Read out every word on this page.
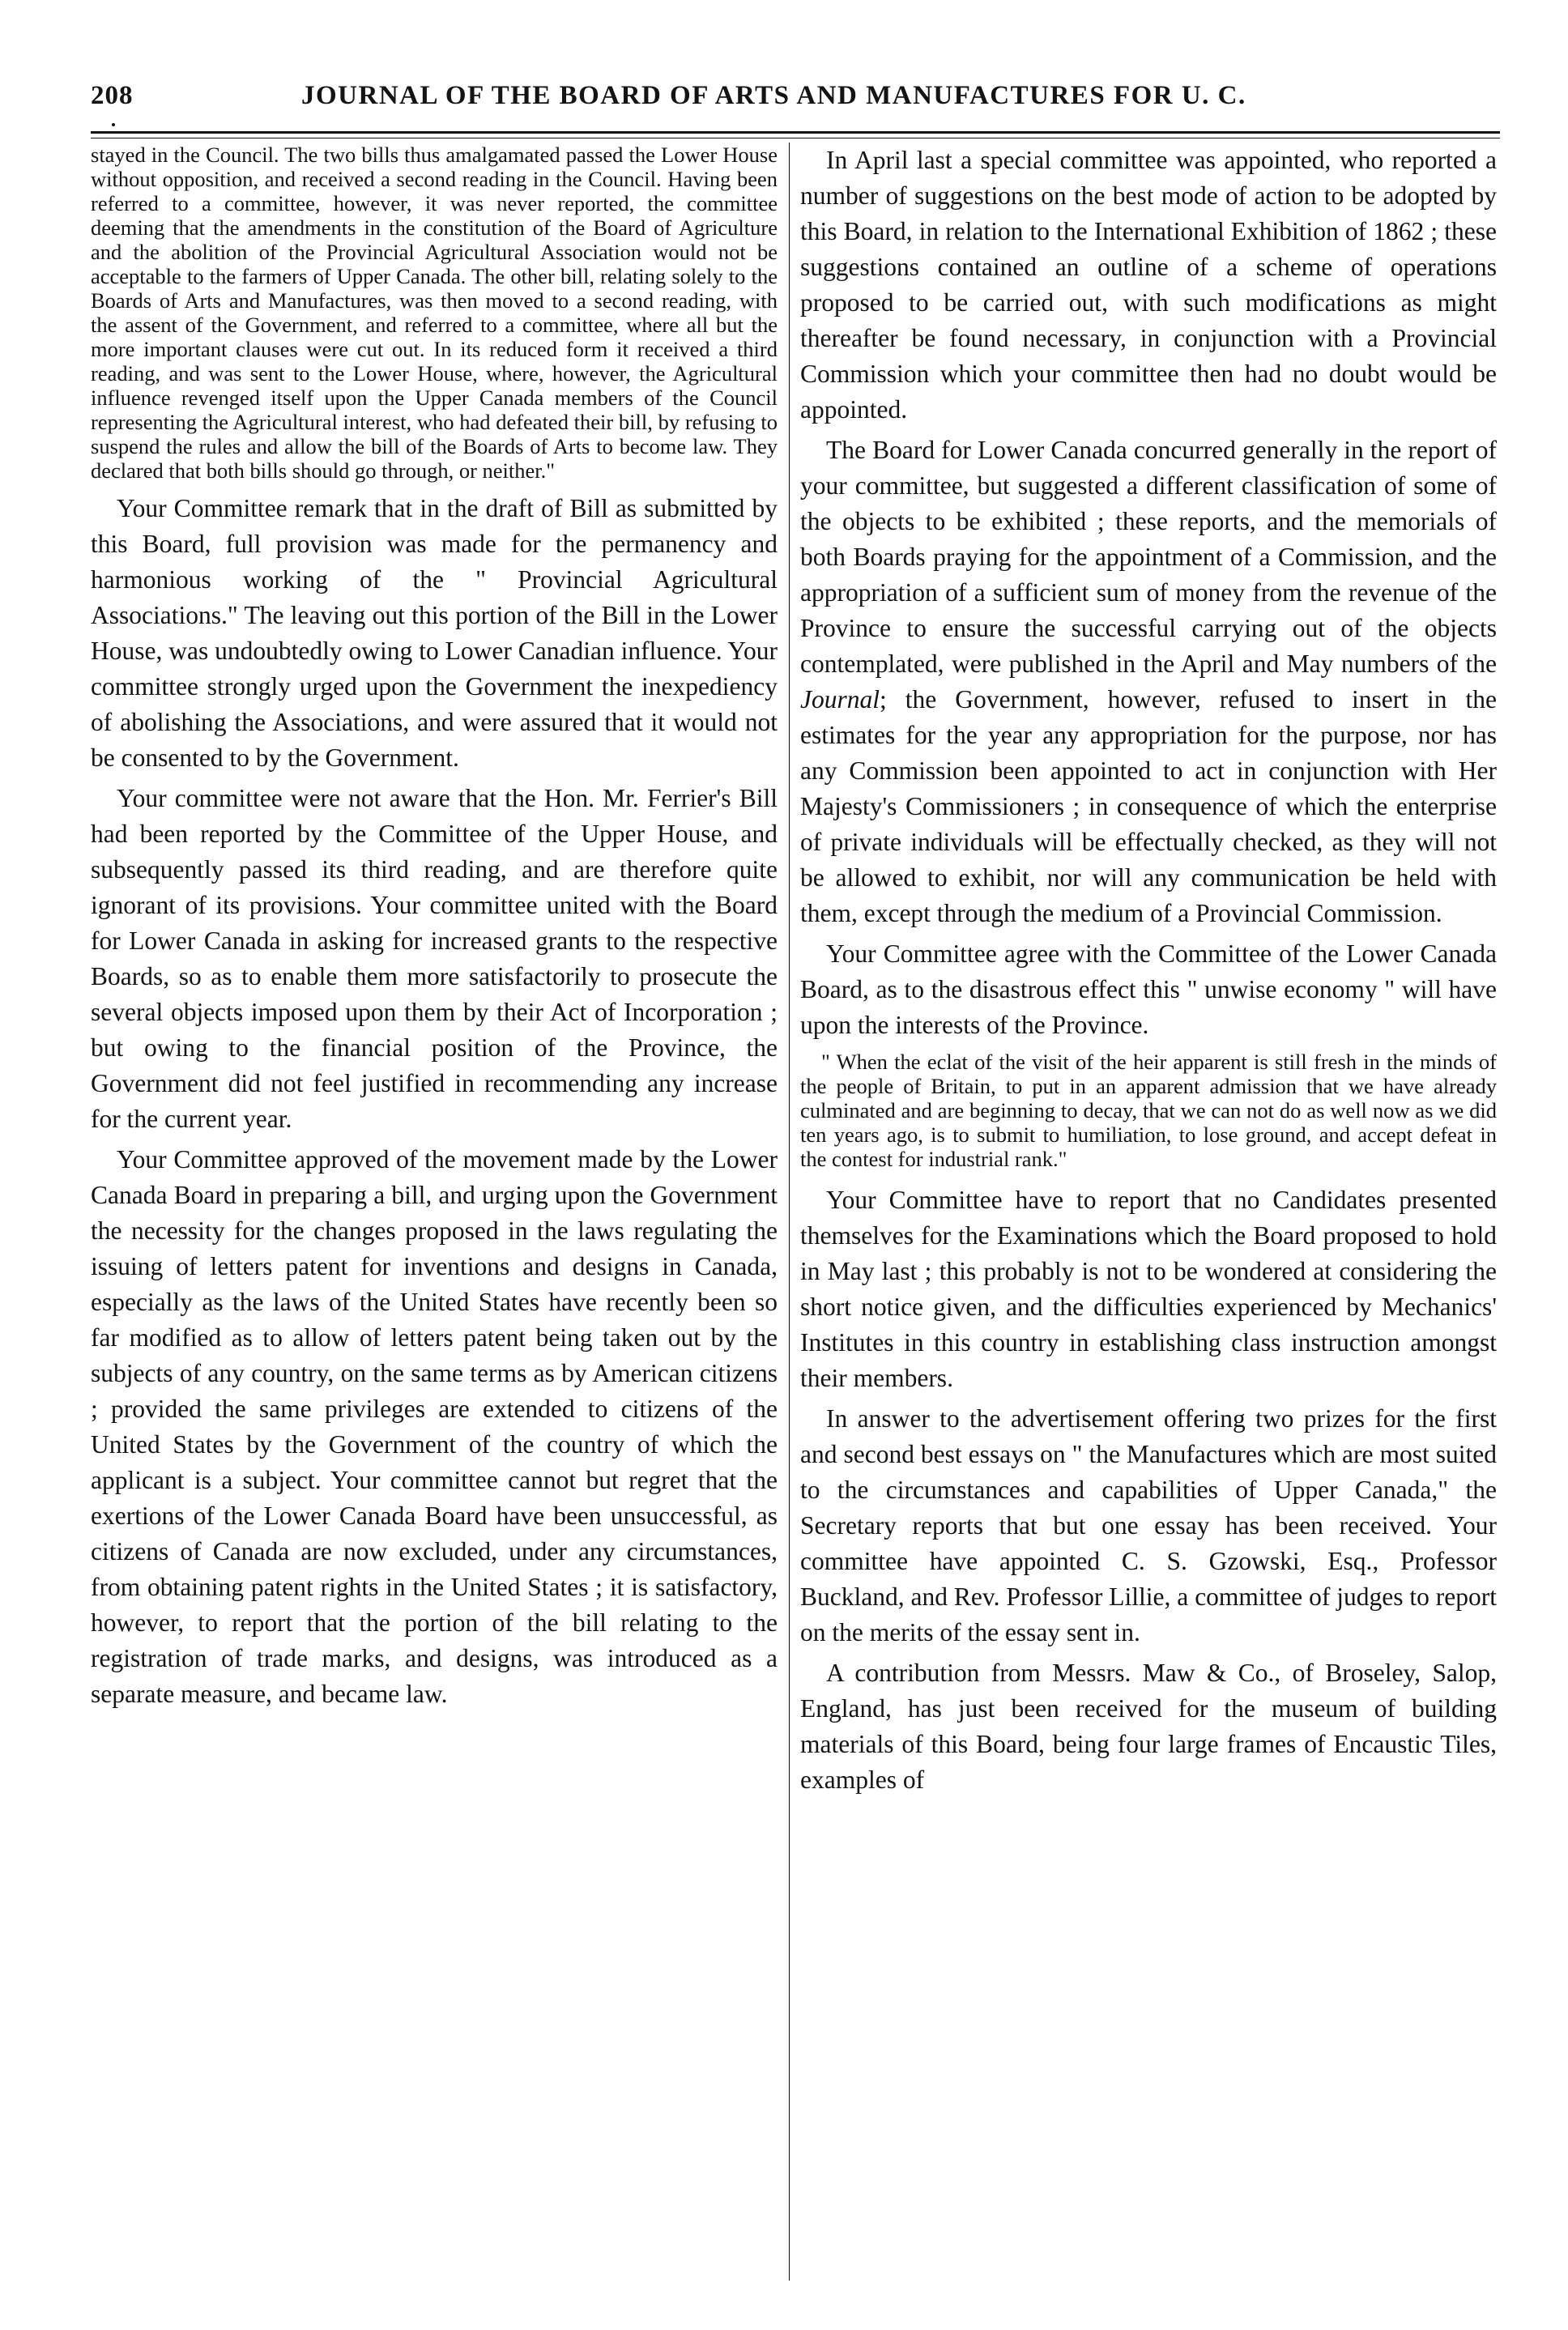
208	JOURNAL OF THE BOARD OF ARTS AND MANUFACTURES FOR U. C.

stayed in the Council. The two bills thus amalgamated passed the Lower House without opposition, and received a second reading in the Council. Having been referred to a committee, however, it was never reported, the committee deeming that the amendments in the constitution of the Board of Agriculture and the abolition of the Provincial Agricultural Association would not be acceptable to the farmers of Upper Canada. The other bill, relating solely to the Boards of Arts and Manufactures, was then moved to a second reading, with the assent of the Government, and referred to a committee, where all but the more important clauses were cut out. In its reduced form it received a third reading, and was sent to the Lower House, where, however, the Agricultural influence revenged itself upon the Upper Canada members of the Council representing the Agricultural interest, who had defeated their bill, by refusing to suspend the rules and allow the bill of the Boards of Arts to become law. They declared that both bills should go through, or neither."

Your Committee remark that in the draft of Bill as submitted by this Board, full provision was made for the permanency and harmonious working of the " Provincial Agricultural Associations." The leaving out this portion of the Bill in the Lower House, was undoubtedly owing to Lower Canadian influence. Your committee strongly urged upon the Government the inexpediency of abolishing the Associations, and were assured that it would not be consented to by the Government.

Your committee were not aware that the Hon. Mr. Ferrier's Bill had been reported by the Committee of the Upper House, and subsequently passed its third reading, and are therefore quite ignorant of its provisions. Your committee united with the Board for Lower Canada in asking for increased grants to the respective Boards, so as to enable them more satisfactorily to prosecute the several objects imposed upon them by their Act of Incorporation ; but owing to the financial position of the Province, the Government did not feel justified in recommending any increase for the current year.

Your Committee approved of the movement made by the Lower Canada Board in preparing a bill, and urging upon the Government the necessity for the changes proposed in the laws regulating the issuing of letters patent for inventions and designs in Canada, especially as the laws of the United States have recently been so far modified as to allow of letters patent being taken out by the subjects of any country, on the same terms as by American citizens ; provided the same privileges are extended to citizens of the United States by the Government of the country of which the applicant is a subject. Your committee cannot but regret that the exertions of the Lower Canada Board have been unsuccessful, as citizens of Canada are now excluded, under any circumstances, from obtaining patent rights in the United States ; it is satisfactory, however, to report that the portion of the bill relating to the registration of trade marks, and designs, was introduced as a separate measure, and became law.

In April last a special committee was appointed, who reported a number of suggestions on the best mode of action to be adopted by this Board, in relation to the International Exhibition of 1862 ; these suggestions contained an outline of a scheme of operations proposed to be carried out, with such modifications as might thereafter be found necessary, in conjunction with a Provincial Commission which your committee then had no doubt would be appointed.

The Board for Lower Canada concurred generally in the report of your committee, but suggested a different classification of some of the objects to be exhibited ; these reports, and the memorials of both Boards praying for the appointment of a Commission, and the appropriation of a sufficient sum of money from the revenue of the Province to ensure the successful carrying out of the objects contemplated, were published in the April and May numbers of the Journal; the Government, however, refused to insert in the estimates for the year any appropriation for the purpose, nor has any Commission been appointed to act in conjunction with Her Majesty's Commissioners ; in consequence of which the enterprise of private individuals will be effectually checked, as they will not be allowed to exhibit, nor will any communication be held with them, except through the medium of a Provincial Commission.

Your Committee agree with the Committee of the Lower Canada Board, as to the disastrous effect this " unwise economy " will have upon the interests of the Province.

" When the eclat of the visit of the heir apparent is still fresh in the minds of the people of Britain, to put in an apparent admission that we have already culminated and are beginning to decay, that we can not do as well now as we did ten years ago, is to submit to humiliation, to lose ground, and accept defeat in the contest for industrial rank."

Your Committee have to report that no Candidates presented themselves for the Examinations which the Board proposed to hold in May last ; this probably is not to be wondered at considering the short notice given, and the difficulties experienced by Mechanics' Institutes in this country in establishing class instruction amongst their members.

In answer to the advertisement offering two prizes for the first and second best essays on " the Manufactures which are most suited to the circumstances and capabilities of Upper Canada," the Secretary reports that but one essay has been received. Your committee have appointed C. S. Gzowski, Esq., Professor Buckland, and Rev. Professor Lillie, a committee of judges to report on the merits of the essay sent in.

A contribution from Messrs. Maw & Co., of Broseley, Salop, England, has just been received for the museum of building materials of this Board, being four large frames of Encaustic Tiles, examples of
